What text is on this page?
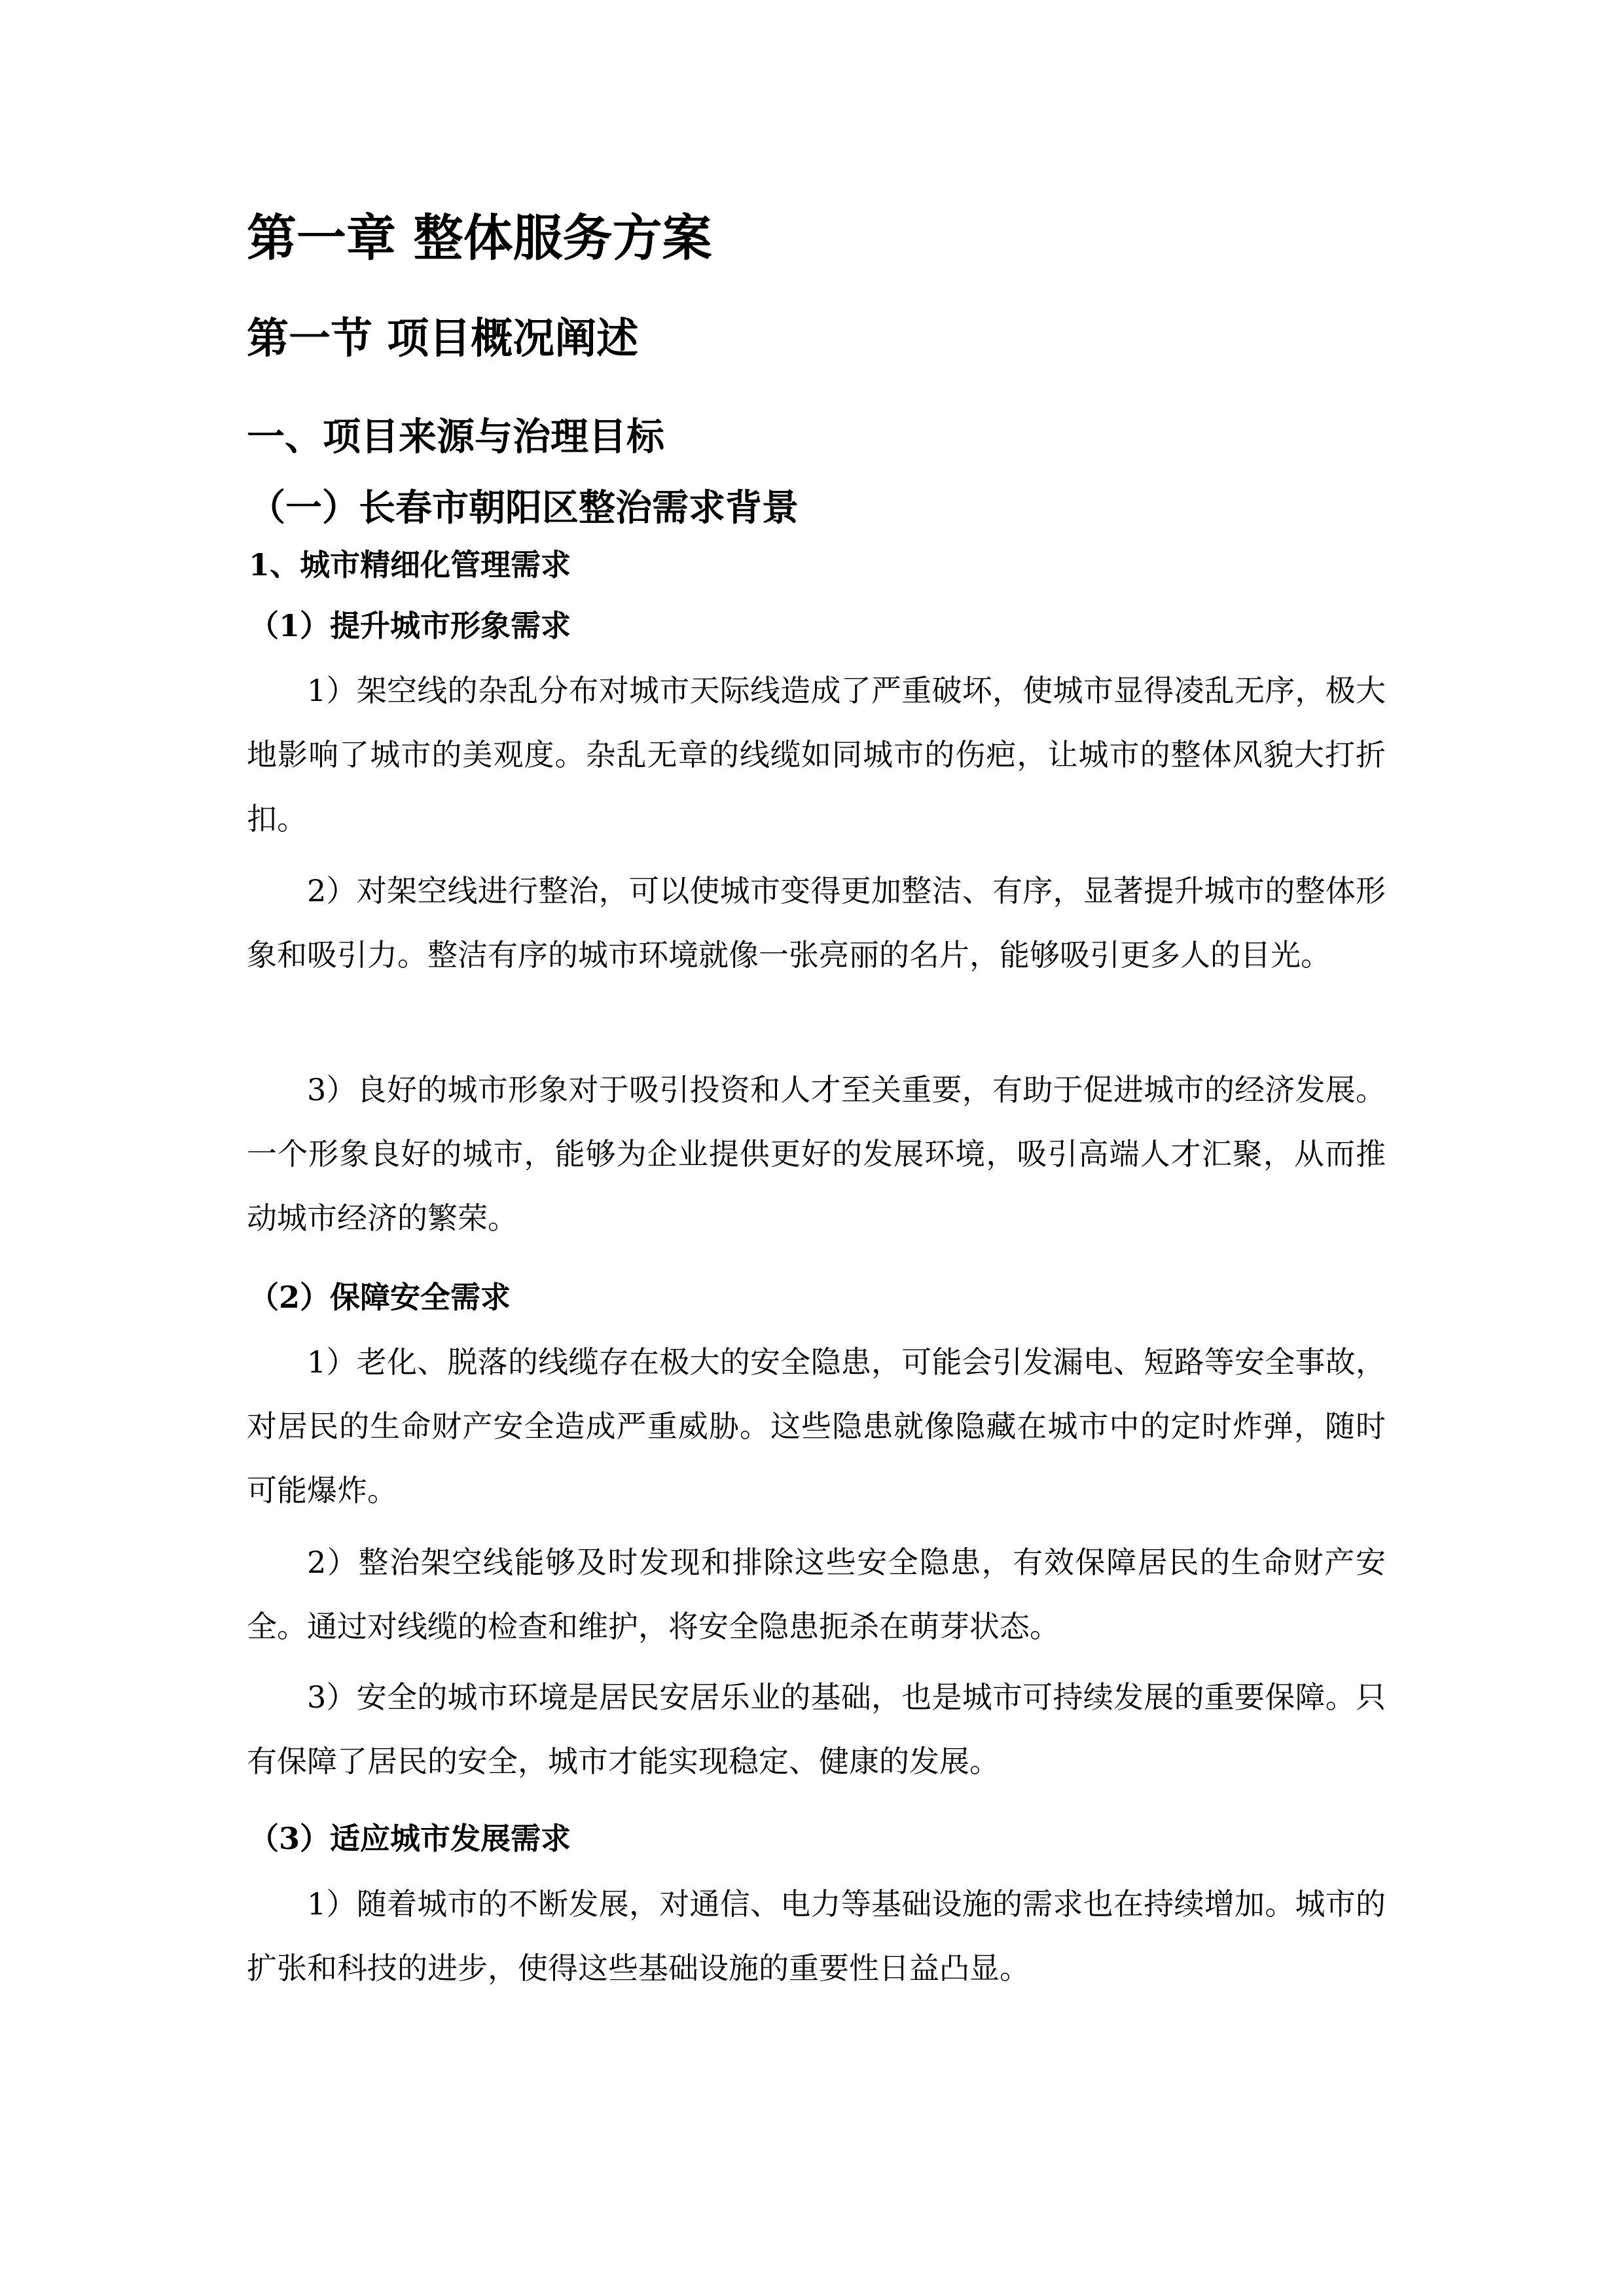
第一章 整体服务方案
第一节 项目概况阐述
一、项目来源与治理目标
（一）长春市朝阳区整治需求背景
1、城市精细化管理需求
（1）提升城市形象需求

1）架空线的杂乱分布对城市天际线造成了严重破坏，使城市显得凌乱无序，极大地影响了城市的美观度。杂乱无章的线缆如同城市的伤疤，让城市的整体风貌大打折扣。

2）对架空线进行整治，可以使城市变得更加整洁、有序，显著提升城市的整体形象和吸引力。整洁有序的城市环境就像一张亮丽的名片，能够吸引更多人的目光。

3）良好的城市形象对于吸引投资和人才至关重要，有助于促进城市的经济发展。一个形象良好的城市，能够为企业提供更好的发展环境，吸引高端人才汇聚，从而推动城市经济的繁荣。

（2）保障安全需求

1）老化、脱落的线缆存在极大的安全隐患，可能会引发漏电、短路等安全事故，对居民的生命财产安全造成严重威胁。这些隐患就像隐藏在城市中的定时炸弹，随时可能爆炸。

2）整治架空线能够及时发现和排除这些安全隐患，有效保障居民的生命财产安全。通过对线缆的检查和维护，将安全隐患扼杀在萌芽状态。

3）安全的城市环境是居民安居乐业的基础，也是城市可持续发展的重要保障。只有保障了居民的安全，城市才能实现稳定、健康的发展。

（3）适应城市发展需求

1）随着城市的不断发展，对通信、电力等基础设施的需求也在持续增加。城市的扩张和科技的进步，使得这些基础设施的重要性日益凸显。
